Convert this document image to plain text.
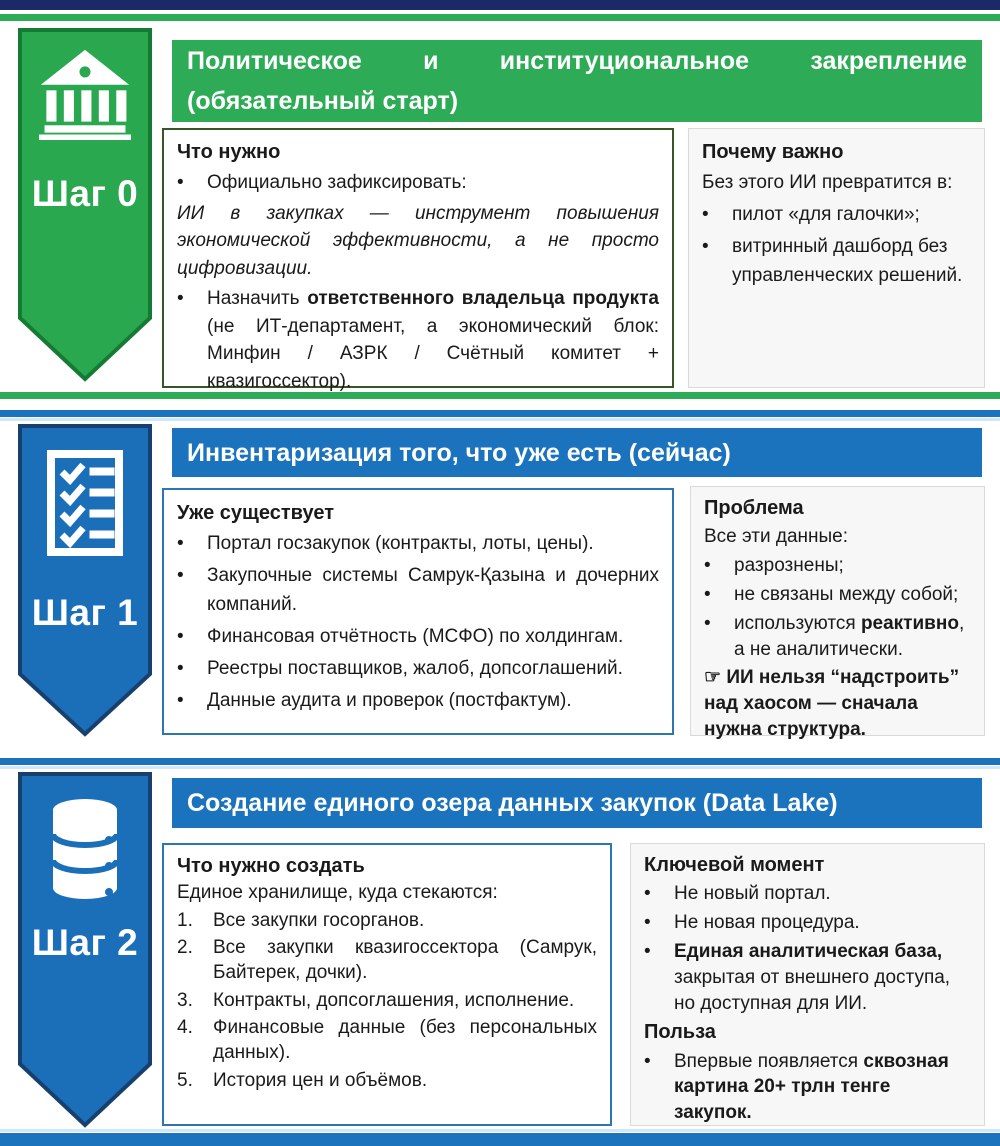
Шаг 0
Политическое и институциональное закрепление
(обязательный старт)
Что нужно
•	Официально зафиксировать:
ИИ в закупках — инструмент повышения экономической эффективности, а не просто цифровизации.
•	Назначить ответственного владельца продукта (не ИТ-департамент, а экономический блок: Минфин / АЗРК / Счётный комитет + квазигоссектор).
Почему важно
Без этого ИИ превратится в:
•	пилот «для галочки»;
•	витринный дашборд без управленческих решений.
Шаг 1
Инвентаризация того, что уже есть (сейчас)
Уже существует
•	Портал госзакупок (контракты, лоты, цены).
•	Закупочные системы Самрук-Қазына и дочерних компаний.
•	Финансовая отчётность (МСФО) по холдингам.
•	Реестры поставщиков, жалоб, допсоглашений.
•	Данные аудита и проверок (постфактум).
Проблема
Все эти данные:
•	разрознены;
•	не связаны между собой;
•	используются реактивно, а не аналитически.
☞ ИИ нельзя “надстроить” над хаосом — сначала нужна структура.
Шаг 2
Создание единого озера данных закупок (Data Lake)
Что нужно создать
Единое хранилище, куда стекаются:
1.	Все закупки госорганов.
2.	Все закупки квазигоссектора (Самрук, Байтерек, дочки).
3.	Контракты, допсоглашения, исполнение.
4.	Финансовые данные (без персональных данных).
5.	История цен и объёмов.
Ключевой момент
•	Не новый портал.
•	Не новая процедура.
•	Единая аналитическая база, закрытая от внешнего доступа, но доступная для ИИ.
Польза
•	Впервые появляется сквозная картина 20+ трлн тенге закупок.
